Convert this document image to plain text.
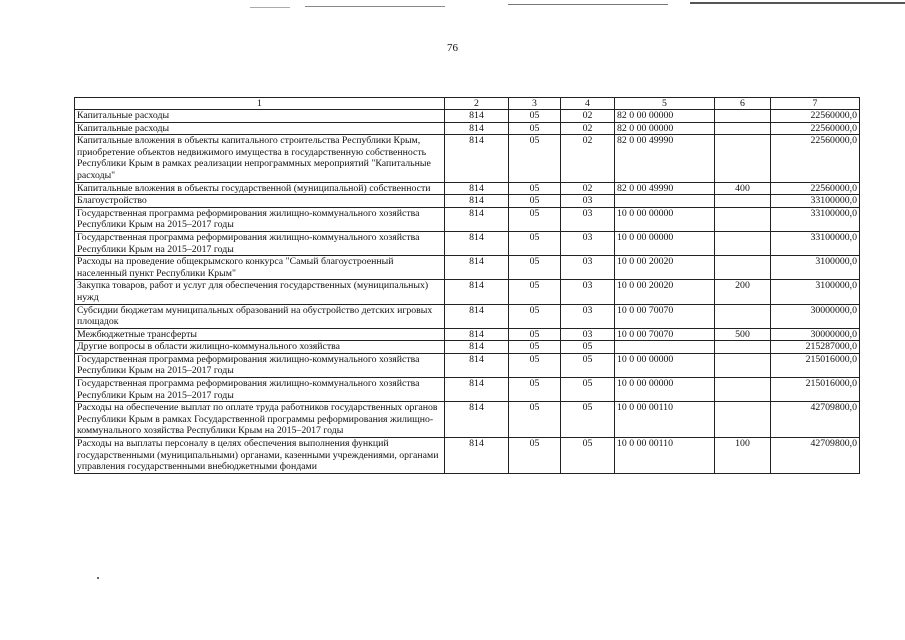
76
1	2	3	4	5	6	7
Капитальные расходы	814	05	02	82 0 00 00000		22560000,0
Капитальные расходы	814	05	02	82 0 00 00000		22560000,0
Капитальные вложения в объекты капитального строительства Республики Крым, приобретение объектов недвижимого имущества в государственную собственность Республики Крым в рамках реализации непрограммных мероприятий "Капитальные расходы"	814	05	02	82 0 00 49990		22560000,0
Капитальные вложения в объекты государственной (муниципальной) собственности	814	05	02	82 0 00 49990	400	22560000,0
Благоустройство	814	05	03			33100000,0
Государственная программа реформирования жилищно-коммунального хозяйства Республики Крым на 2015–2017 годы	814	05	03	10 0 00 00000		33100000,0
Государственная программа реформирования жилищно-коммунального хозяйства Республики Крым на 2015–2017 годы	814	05	03	10 0 00 00000		33100000,0
Расходы на проведение общекрымского конкурса "Самый благоустроенный населенный пункт Республики Крым"	814	05	03	10 0 00 20020		3100000,0
Закупка товаров, работ и услуг для обеспечения государственных (муниципальных) нужд	814	05	03	10 0 00 20020	200	3100000,0
Субсидии бюджетам муниципальных образований на обустройство детских игровых площадок	814	05	03	10 0 00 70070		30000000,0
Межбюджетные трансферты	814	05	03	10 0 00 70070	500	30000000,0
Другие вопросы в области жилищно-коммунального хозяйства	814	05	05			215287000,0
Государственная программа реформирования жилищно-коммунального хозяйства Республики Крым на 2015–2017 годы	814	05	05	10 0 00 00000		215016000,0
Государственная программа реформирования жилищно-коммунального хозяйства Республики Крым на 2015–2017 годы	814	05	05	10 0 00 00000		215016000,0
Расходы на обеспечение выплат по оплате труда работников государственных органов Республики Крым в рамках Государственной программы реформирования жилищно-коммунального хозяйства Республики Крым на 2015–2017 годы	814	05	05	10 0 00 00110		42709800,0
Расходы на выплаты персоналу в целях обеспечения выполнения функций государственными (муниципальными) органами, казенными учреждениями, органами управления государственными внебюджетными фондами	814	05	05	10 0 00 00110	100	42709800,0
